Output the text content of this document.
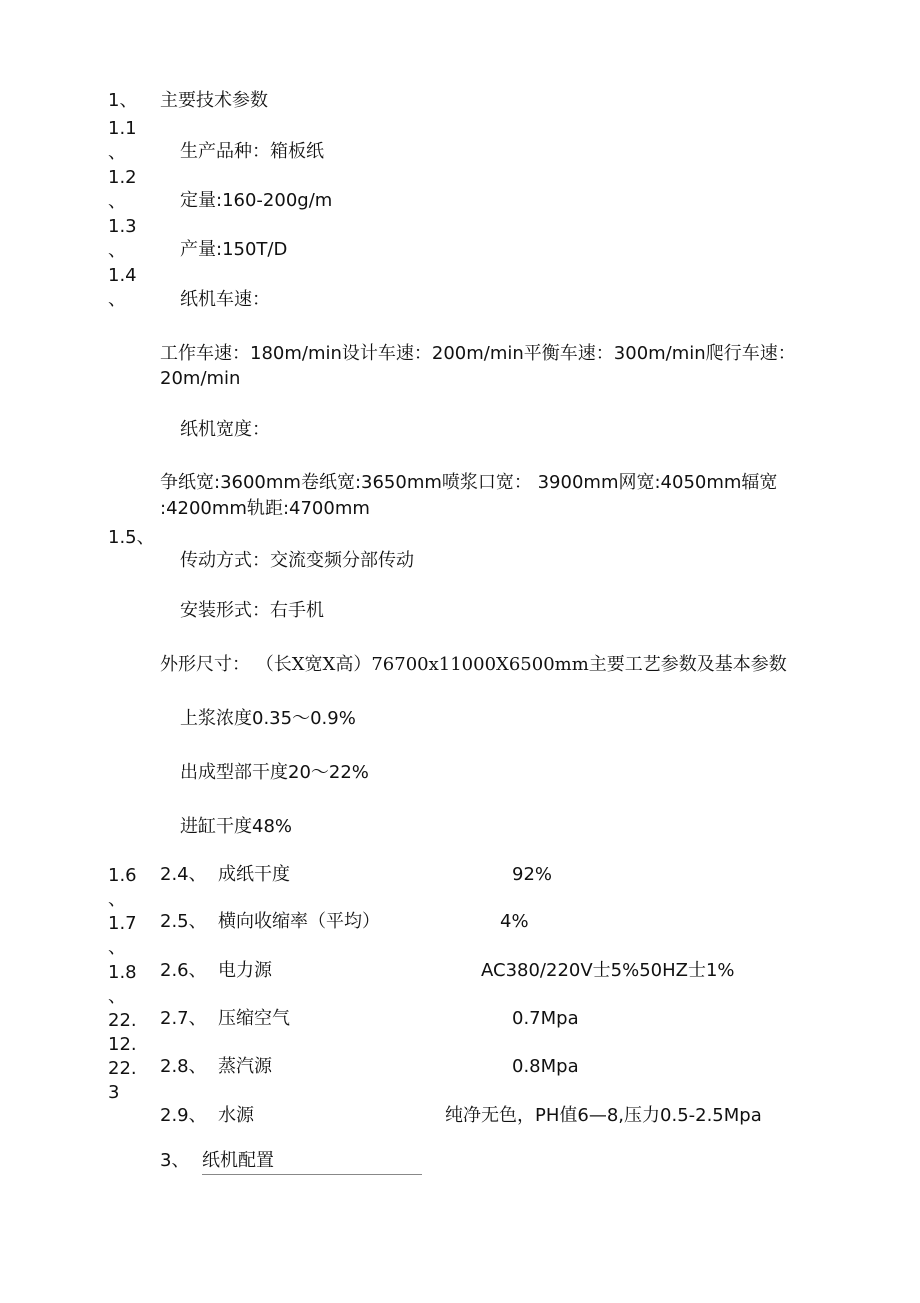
1、 主要技术参数
1.1
、
1.2
、
1.3
、
1.4
、
1.5、
1.6
、
1.7
、
1.8
、
22.
12.
22.
3
生产品种：箱板纸
定量:160-200g/m
产量:150T/D
纸机车速：
工作车速：180m/min设计车速：200m/min平衡车速：300m/min爬行车速：
20m/min
纸机宽度：
争纸宽:3600mm卷纸宽:3650mm喷浆口宽： 3900mm网宽:4050mm辐宽
:4200mm轨距:4700mm
传动方式：交流变频分部传动
安装形式：右手机
外形尺寸： （长X宽X高）76700x11000X6500mm主要工艺参数及基本参数
上浆浓度0.35～0.9%
出成型部干度20～22%
进缸干度48%
2.4、 成纸干度	92%
2.5、 横向收缩率（平均）	4%
2.6、 电力源	AC380/220V士5%50HZ士1%
2.7、 压缩空气	0.7Mpa
2.8、 蒸汽源	0.8Mpa
2.9、 水源	纯净无色，PH值6—8,压力0.5-2.5Mpa
3、 纸机配置
